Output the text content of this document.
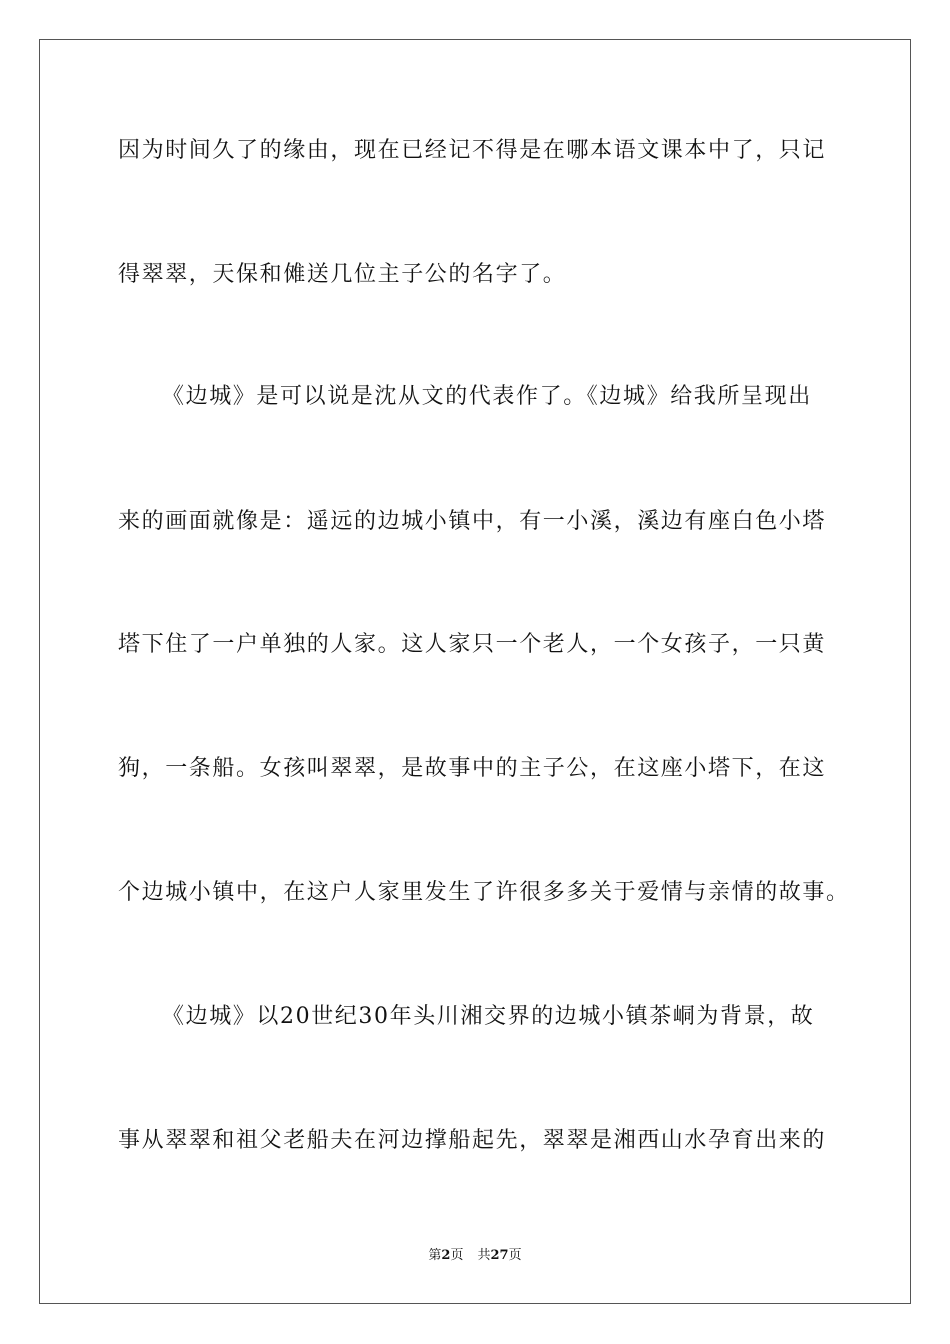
因为时间久了的缘由，现在已经记不得是在哪本语文课本中了，只记

得翠翠，天保和傩送几位主子公的名字了。

《边城》是可以说是沈从文的代表作了。《边城》给我所呈现出

来的画面就像是：遥远的边城小镇中，有一小溪，溪边有座白色小塔

塔下住了一户单独的人家。这人家只一个老人，一个女孩子，一只黄

狗，一条船。女孩叫翠翠，是故事中的主子公，在这座小塔下，在这

个边城小镇中，在这户人家里发生了许很多多关于爱情与亲情的故事。

《边城》以20世纪30年头川湘交界的边城小镇茶峒为背景，故

事从翠翠和祖父老船夫在河边撑船起先，翠翠是湘西山水孕育出来的

第2页 共27页
